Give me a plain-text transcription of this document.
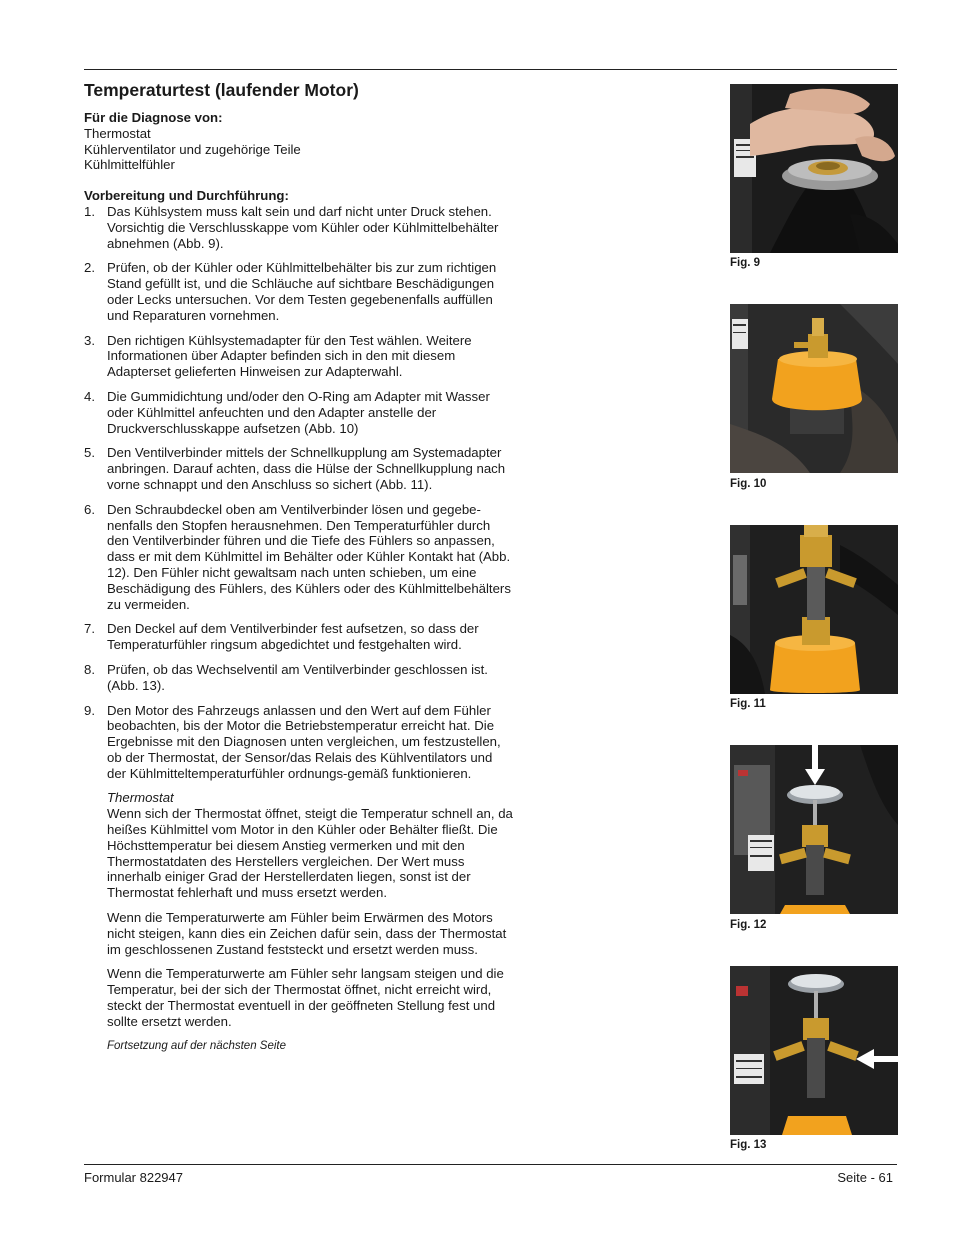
Temperaturtest (laufender Motor)

Für die Diagnose von:

Thermostat

Kühlerventilator und zugehörige Teile

Kühlmittelfühler

Vorbereitung und Durchführung:

1. Das Kühlsystem muss kalt sein und darf nicht unter Druck stehen. Vorsichtig die Verschlusskappe vom Kühler oder Kühlmittelbehälter abnehmen (Abb. 9).
2. Prüfen, ob der Kühler oder Kühlmittelbehälter bis zur zum richtigen Stand gefüllt ist, und die Schläuche auf sichtbare Beschädigungen oder Lecks untersuchen. Vor dem Testen gegebenenfalls auffüllen und Reparaturen vornehmen.
3. Den richtigen Kühlsystemadapter für den Test wählen. Weitere Informationen über Adapter befinden sich in den mit diesem Adapterset gelieferten Hinweisen zur Adapterwahl.
4. Die Gummidichtung und/oder den O-Ring am Adapter mit Wasser oder Kühlmittel anfeuchten und den Adapter anstelle der Druckverschlusskappe aufsetzen (Abb. 10)
5. Den Ventilverbinder mittels der Schnellkupplung am Systemadapter anbringen. Darauf achten, dass die Hülse der Schnellkupplung nach vorne schnappt und den Anschluss so sichert (Abb. 11).
6. Den Schraubdeckel oben am Ventilverbinder lösen und gegebe-nenfalls den Stopfen herausnehmen. Den Temperaturfühler durch den Ventilverbinder führen und die Tiefe des Fühlers so anpassen, dass er mit dem Kühlmittel im Behälter oder Kühler Kontakt hat (Abb. 12). Den Fühler nicht gewaltsam nach unten schieben, um eine Beschädigung des Fühlers, des Kühlers oder des Kühlmittelbehälters zu vermeiden.
7. Den Deckel auf dem Ventilverbinder fest aufsetzen, so dass der Temperaturfühler ringsum abgedichtet und festgehalten wird.
8. Prüfen, ob das Wechselventil am Ventilverbinder geschlossen ist. (Abb. 13).
9. Den Motor des Fahrzeugs anlassen und den Wert auf dem Fühler beobachten, bis der Motor die Betriebstemperatur erreicht hat. Die Ergebnisse mit den Diagnosen unten vergleichen, um festzustellen, ob der Thermostat, der Sensor/das Relais des Kühlventilators und der Kühlmitteltemperaturfühler ordnungs-gemäß funktionieren.

Thermostat
Wenn sich der Thermostat öffnet, steigt die Temperatur schnell an, da heißes Kühlmittel vom Motor in den Kühler oder Behälter fließt. Die Höchsttemperatur bei diesem Anstieg vermerken und mit den Thermostatdaten des Herstellers vergleichen. Der Wert muss innerhalb einiger Grad der Herstellerdaten liegen, sonst ist der Thermostat fehlerhaft und muss ersetzt werden.

Wenn die Temperaturwerte am Fühler beim Erwärmen des Motors nicht steigen, kann dies ein Zeichen dafür sein, dass der Thermostat im geschlossenen Zustand feststeckt und ersetzt werden muss.

Wenn die Temperaturwerte am Fühler sehr langsam steigen und die Temperatur, bei der sich der Thermostat öffnet, nicht erreicht wird, steckt der Thermostat eventuell in der geöffneten Stellung fest und sollte ersetzt werden.

Fortsetzung auf der nächsten Seite

Fig. 9
Fig. 10
Fig. 11
Fig. 12
Fig. 13
Formular 822947	Seite - 61
